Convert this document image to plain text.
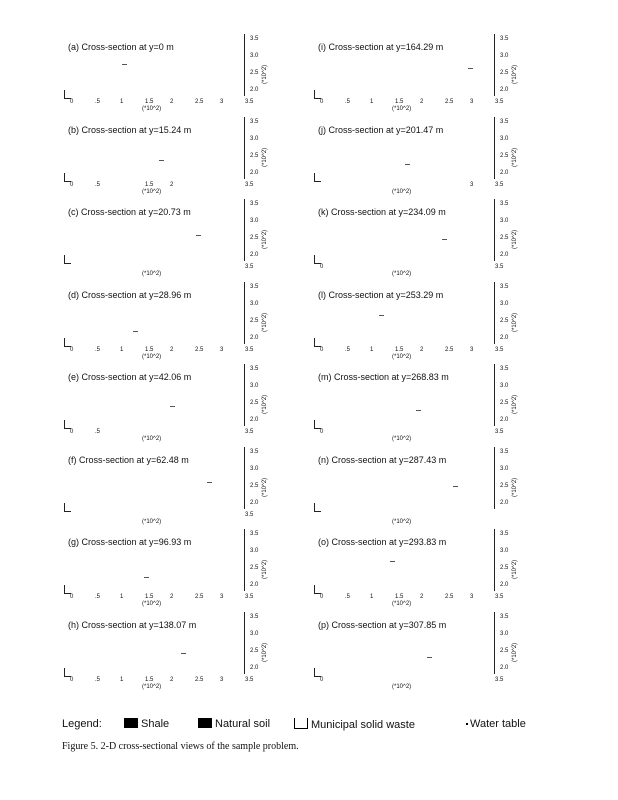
(a) Cross-section at y=0 m
3.5
3.0
2.5
2.0
(*10^2)
0	.5	1	1.5	2	2.5	3	3.5
(*10^2)
(b) Cross-section at y=15.24 m
3.5
3.0
2.5
2.0
(*10^2)
0	.5	1.5	2	3.5
(*10^2)
(c) Cross-section at y=20.73 m
3.5
3.0
2.5
2.0
(*10^2)
3.5
(*10^2)
(d) Cross-section at y=28.96 m
3.5
3.0
2.5
2.0
(*10^2)
0	.5	1	1.5	2	2.5	3	3.5
(*10^2)
(e) Cross-section at y=42.06 m
3.5
3.0
2.5
2.0
(*10^2)
0	.5	3.5
(*10^2)
(f) Cross-section at y=62.48 m
3.5
3.0
2.5
2.0
(*10^2)
3.5
(*10^2)
(g) Cross-section at y=96.93 m
3.5
3.0
2.5
2.0
(*10^2)
0	.5	1	1.5	2	2.5	3	3.5
(*10^2)
(h) Cross-section at y=138.07 m
3.5
3.0
2.5
2.0
(*10^2)
0	.5	1	1.5	2	2.5	3	3.5
(*10^2)
(i) Cross-section at y=164.29 m
3.5
3.0
2.5
2.0
(*10^2)
0	.5	1	1.5	2	2.5	3	3.5
(*10^2)
(j) Cross-section at y=201.47 m
3.5
3.0
2.5
2.0
(*10^2)
3	3.5
(*10^2)
(k) Cross-section at y=234.09 m
3.5
3.0
2.5
2.0
(*10^2)
0	3.5
(*10^2)
(l) Cross-section at y=253.29 m
3.5
3.0
2.5
2.0
(*10^2)
0	.5	1	1.5	2	2.5	3	3.5
(*10^2)
(m) Cross-section at y=268.83 m
3.5
3.0
2.5
2.0
(*10^2)
0	3.5
(*10^2)
(n) Cross-section at y=287.43 m
3.5
3.0
2.5
2.0
(*10^2)
(*10^2)
(o) Cross-section at y=293.83 m
3.5
3.0
2.5
2.0
(*10^2)
0	.5	1	1.5	2	2.5	3	3.5
(*10^2)
(p) Cross-section at y=307.85 m
3.5
3.0
2.5
2.0
(*10^2)
0	3.5
(*10^2)
Legend:	Shale	Natural soil	Municipal solid waste	Water table
Figure 5. 2-D cross-sectional views of the sample problem.
